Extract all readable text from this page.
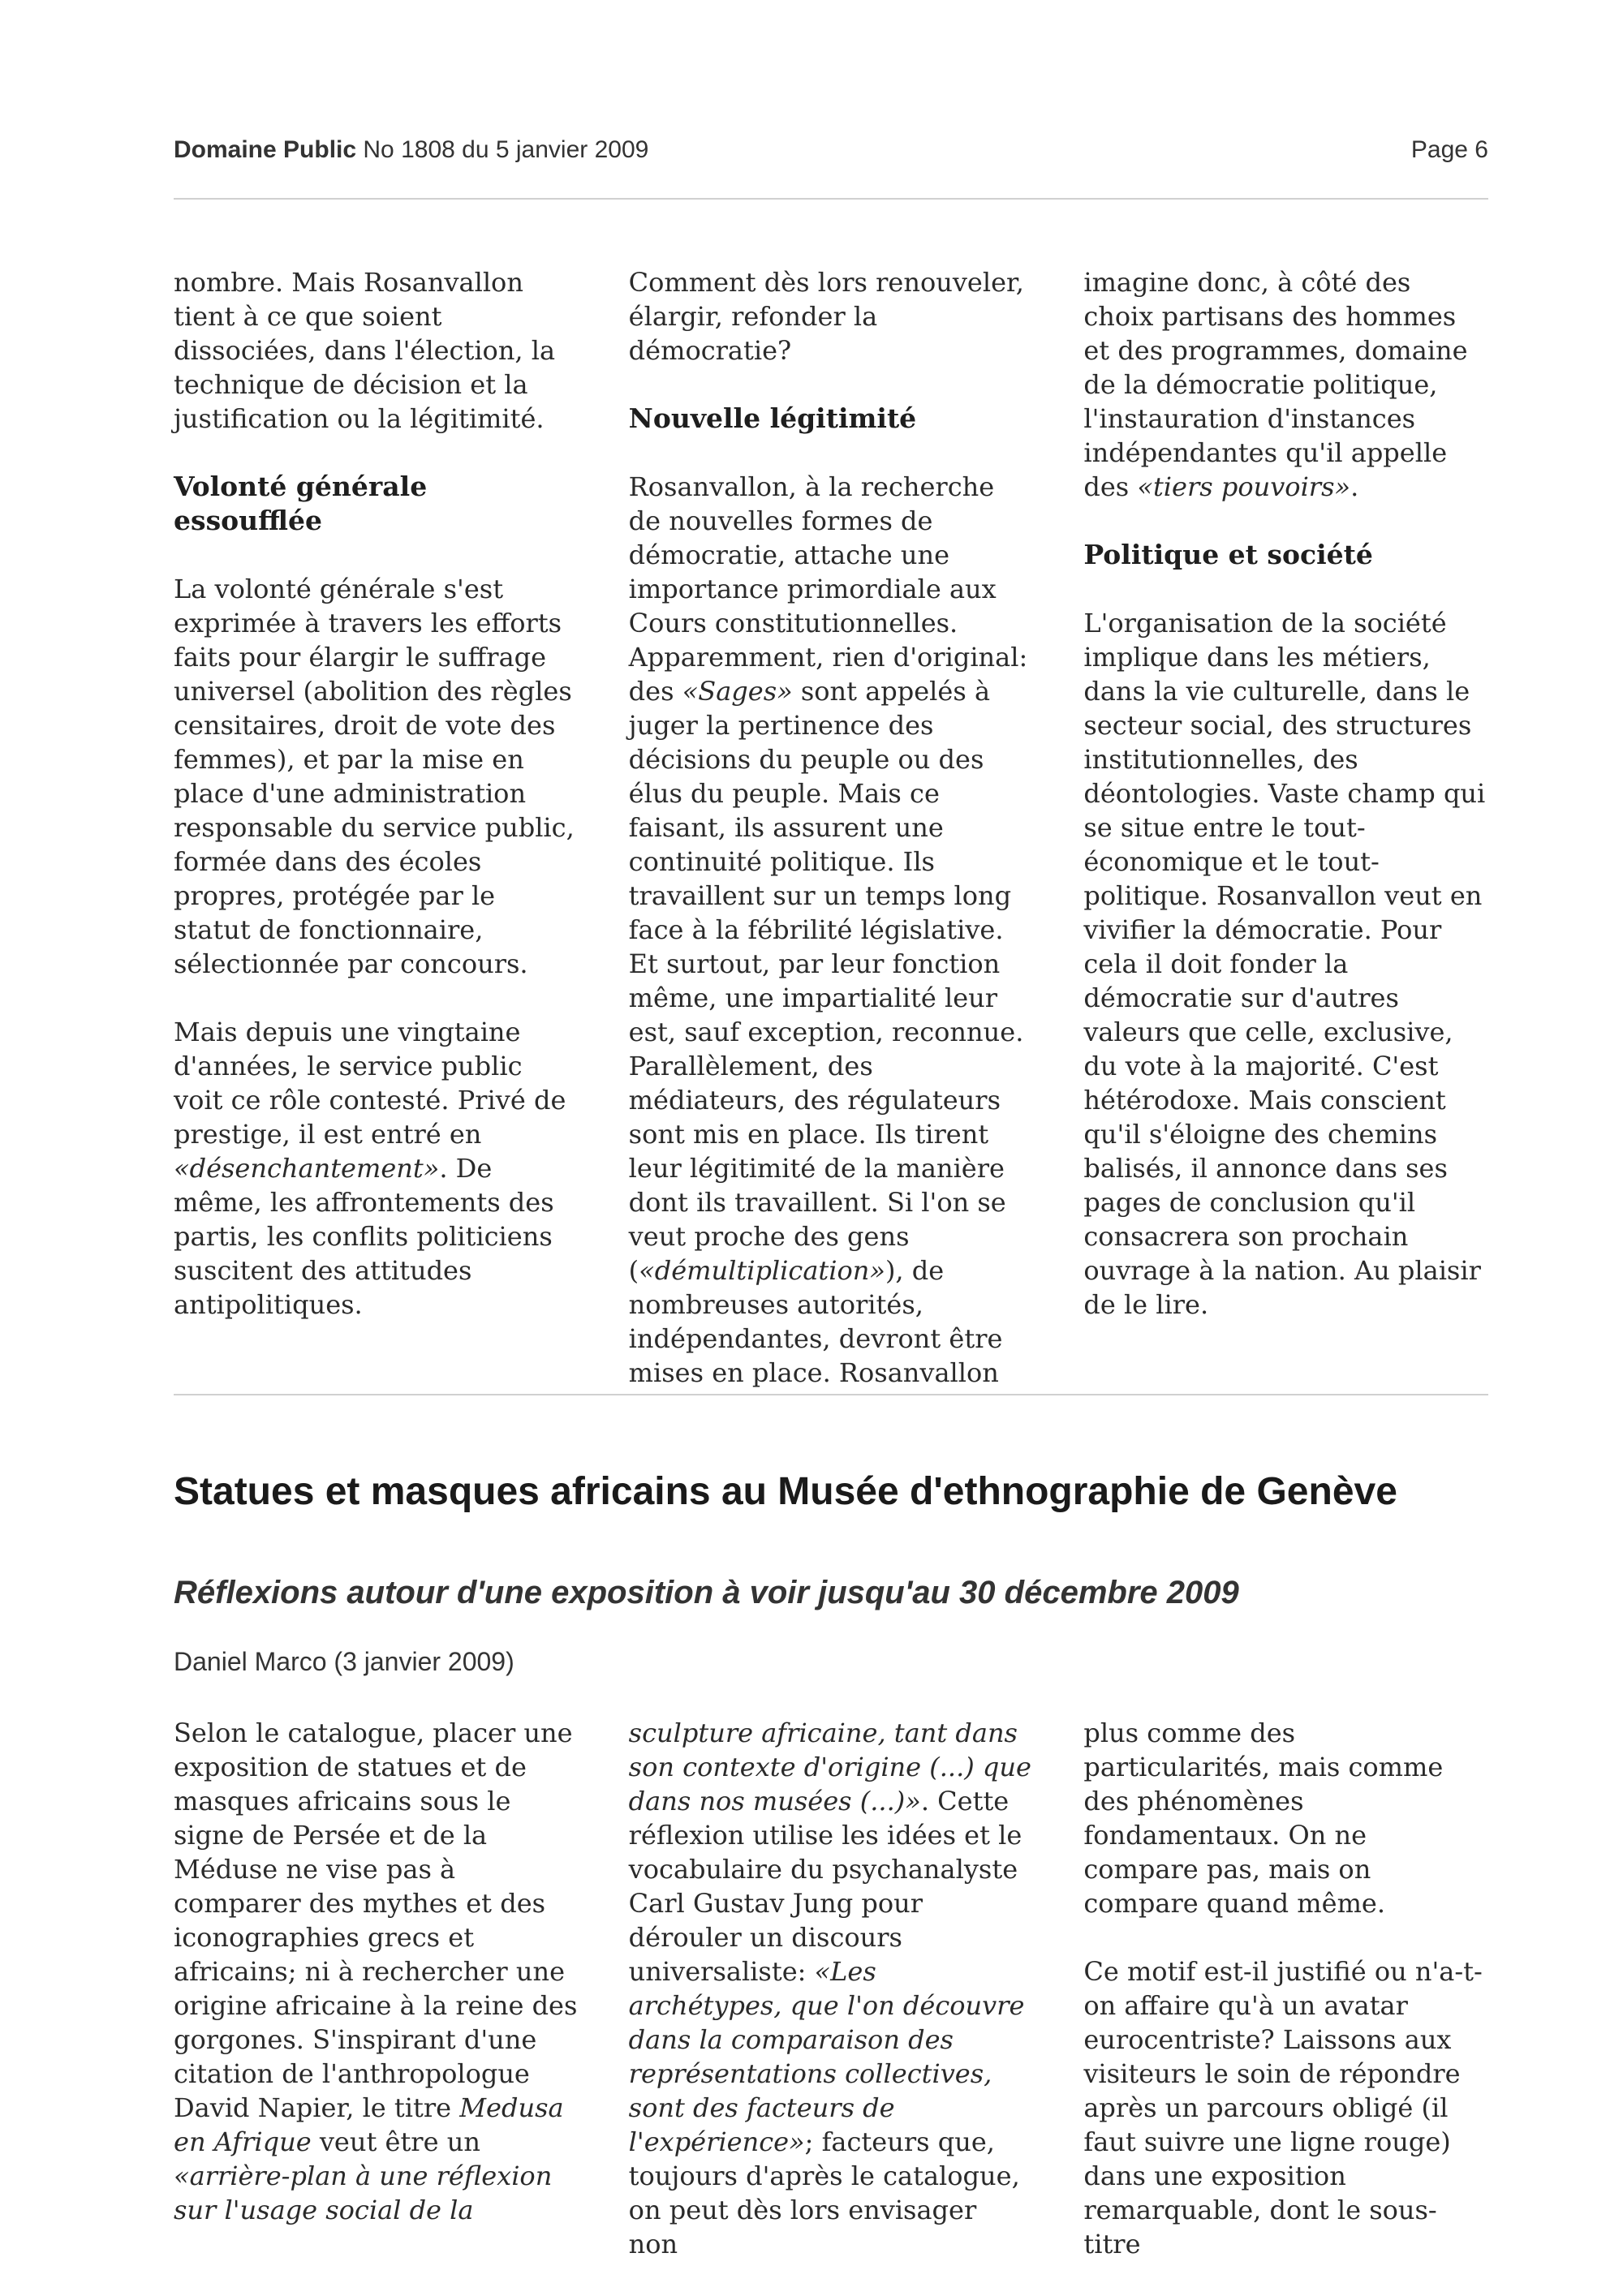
Domaine Public No 1808 du 5 janvier 2009	Page 6

nombre. Mais Rosanvallon tient à ce que soient dissociées, dans l'élection, la technique de décision et la justification ou la légitimité.

Volonté générale essoufflée

La volonté générale s'est exprimée à travers les efforts faits pour élargir le suffrage universel (abolition des règles censitaires, droit de vote des femmes), et par la mise en place d'une administration responsable du service public, formée dans des écoles propres, protégée par le statut de fonctionnaire, sélectionnée par concours.

Mais depuis une vingtaine d'années, le service public voit ce rôle contesté. Privé de prestige, il est entré en «désenchantement». De même, les affrontements des partis, les conflits politiciens suscitent des attitudes antipolitiques.

Comment dès lors renouveler, élargir, refonder la démocratie?

Nouvelle légitimité

Rosanvallon, à la recherche de nouvelles formes de démocratie, attache une importance primordiale aux Cours constitutionnelles. Apparemment, rien d'original: des «Sages» sont appelés à juger la pertinence des décisions du peuple ou des élus du peuple. Mais ce faisant, ils assurent une continuité politique. Ils travaillent sur un temps long face à la fébrilité législative. Et surtout, par leur fonction même, une impartialité leur est, sauf exception, reconnue. Parallèlement, des médiateurs, des régulateurs sont mis en place. Ils tirent leur légitimité de la manière dont ils travaillent. Si l'on se veut proche des gens («démultiplication»), de nombreuses autorités, indépendantes, devront être mises en place. Rosanvallon

imagine donc, à côté des choix partisans des hommes et des programmes, domaine de la démocratie politique, l'instauration d'instances indépendantes qu'il appelle des «tiers pouvoirs».

Politique et société

L'organisation de la société implique dans les métiers, dans la vie culturelle, dans le secteur social, des structures institutionnelles, des déontologies. Vaste champ qui se situe entre le tout-économique et le tout-politique. Rosanvallon veut en vivifier la démocratie. Pour cela il doit fonder la démocratie sur d'autres valeurs que celle, exclusive, du vote à la majorité. C'est hétérodoxe. Mais conscient qu'il s'éloigne des chemins balisés, il annonce dans ses pages de conclusion qu'il consacrera son prochain ouvrage à la nation. Au plaisir de le lire.

Statues et masques africains au Musée d'ethnographie de Genève
Réflexions autour d'une exposition à voir jusqu'au 30 décembre 2009
Daniel Marco (3 janvier 2009)

Selon le catalogue, placer une exposition de statues et de masques africains sous le signe de Persée et de la Méduse ne vise pas à comparer des mythes et des iconographies grecs et africains; ni à rechercher une origine africaine à la reine des gorgones. S'inspirant d'une citation de l'anthropologue David Napier, le titre Medusa en Afrique veut être un «arrière-plan à une réflexion sur l'usage social de la

sculpture africaine, tant dans son contexte d'origine (...) que dans nos musées (...)». Cette réflexion utilise les idées et le vocabulaire du psychanalyste Carl Gustav Jung pour dérouler un discours universaliste: «Les archétypes, que l'on découvre dans la comparaison des représentations collectives, sont des facteurs de l'expérience»; facteurs que, toujours d'après le catalogue, on peut dès lors envisager non

plus comme des particularités, mais comme des phénomènes fondamentaux. On ne compare pas, mais on compare quand même.

Ce motif est-il justifié ou n'a-t-on affaire qu'à un avatar eurocentriste? Laissons aux visiteurs le soin de répondre après un parcours obligé (il faut suivre une ligne rouge) dans une exposition remarquable, dont le sous-titre
